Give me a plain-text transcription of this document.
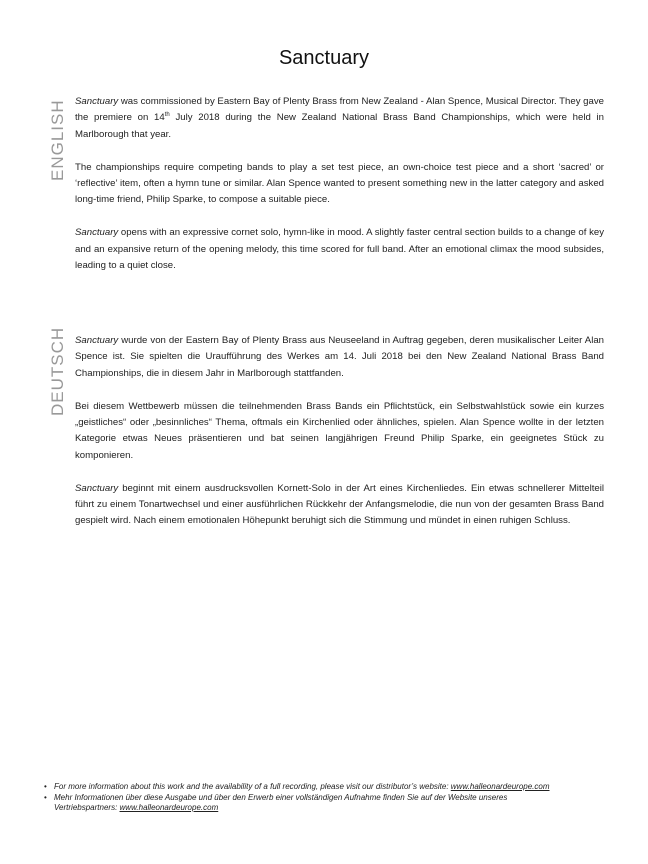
Sanctuary
ENGLISH Sanctuary was commissioned by Eastern Bay of Plenty Brass from New Zealand - Alan Spence, Musical Director. They gave the premiere on 14th July 2018 during the New Zealand National Brass Band Championships, which were held in Marlborough that year.

The championships require competing bands to play a set test piece, an own-choice test piece and a short ‘sacred’ or ‘reflective’ item, often a hymn tune or similar. Alan Spence wanted to present something new in the latter category and asked long-time friend, Philip Sparke, to compose a suitable piece.

Sanctuary opens with an expressive cornet solo, hymn-like in mood. A slightly faster central section builds to a change of key and an expansive return of the opening melody, this time scored for full band. After an emotional climax the mood subsides, leading to a quiet close.

DEUTSCH Sanctuary wurde von der Eastern Bay of Plenty Brass aus Neuseeland in Auftrag gegeben, deren musikalischer Leiter Alan Spence ist. Sie spielten die Uraufführung des Werkes am 14. Juli 2018 bei den New Zealand National Brass Band Championships, die in diesem Jahr in Marlborough stattfanden.

Bei diesem Wettbewerb müssen die teilnehmenden Brass Bands ein Pflichtstück, ein Selbstwahlstück sowie ein kurzes „geistliches“ oder „besinnliches“ Thema, oftmals ein Kirchenlied oder ähnliches, spielen. Alan Spence wollte in der letzten Kategorie etwas Neues präsentieren und bat seinen langjährigen Freund Philip Sparke, ein geeignetes Stück zu komponieren.

Sanctuary beginnt mit einem ausdrucksvollen Kornett-Solo in der Art eines Kirchenliedes. Ein etwas schnellerer Mittelteil führt zu einem Tonartwechsel und einer ausführlichen Rückkehr der Anfangsmelodie, die nun von der gesamten Brass Band gespielt wird. Nach einem emotionalen Höhepunkt beruhigt sich die Stimmung und mündet in einen ruhigen Schluss.

• For more information about this work and the availability of a full recording, please visit our distributor’s website: www.halleonardeurope.com
• Mehr Informationen über diese Ausgabe und über den Erwerb einer vollständigen Aufnahme finden Sie auf der Website unseres Vertriebspartners: www.halleonardeurope.com
